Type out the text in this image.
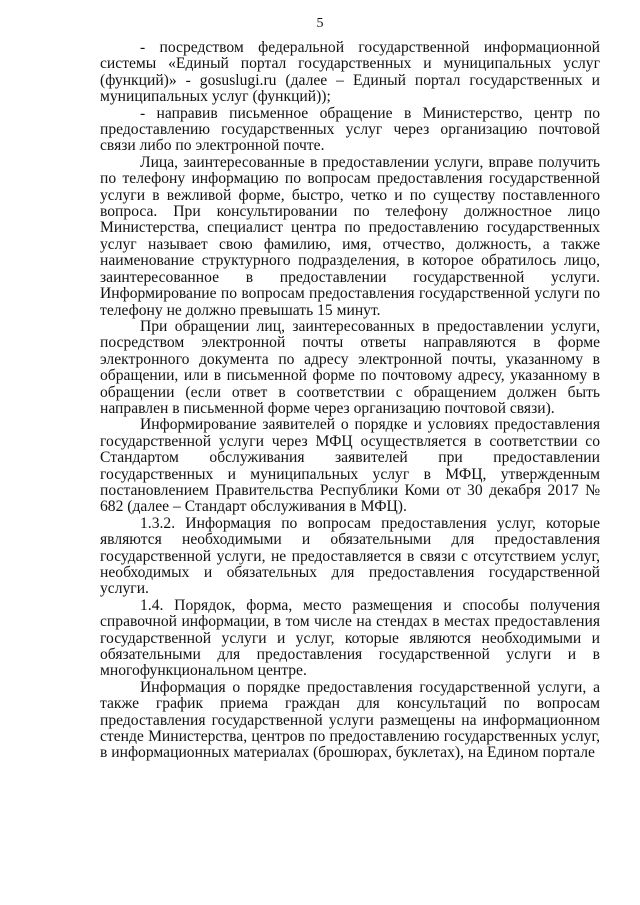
5

- посредством федеральной государственной информационной системы «Единый портал государственных и муниципальных услуг (функций)» - gosuslugi.ru (далее – Единый портал государственных и муниципальных услуг (функций));

- направив письменное обращение в Министерство, центр по предоставлению государственных услуг через организацию почтовой связи либо по электронной почте.

Лица, заинтересованные в предоставлении услуги, вправе получить по телефону информацию по вопросам предоставления государственной услуги в вежливой форме, быстро, четко и по существу поставленного вопроса. При консультировании по телефону должностное лицо Министерства, специалист центра по предоставлению государственных услуг называет свою фамилию, имя, отчество, должность, а также наименование структурного подразделения, в которое обратилось лицо, заинтересованное в предоставлении государственной услуги. Информирование по вопросам предоставления государственной услуги по телефону не должно превышать 15 минут.

При обращении лиц, заинтересованных в предоставлении услуги, посредством электронной почты ответы направляются в форме электронного документа по адресу электронной почты, указанному в обращении, или в письменной форме по почтовому адресу, указанному в обращении (если ответ в соответствии с обращением должен быть направлен в письменной форме через организацию почтовой связи).

Информирование заявителей о порядке и условиях предоставления государственной услуги через МФЦ осуществляется в соответствии со Стандартом обслуживания заявителей при предоставлении государственных и муниципальных услуг в МФЦ, утвержденным постановлением Правительства Республики Коми от 30 декабря 2017 № 682 (далее – Стандарт обслуживания в МФЦ).

1.3.2. Информация по вопросам предоставления услуг, которые являются необходимыми и обязательными для предоставления государственной услуги, не предоставляется в связи с отсутствием услуг, необходимых и обязательных для предоставления государственной услуги.

1.4. Порядок, форма, место размещения и способы получения справочной информации, в том числе на стендах в местах предоставления государственной услуги и услуг, которые являются необходимыми и обязательными для предоставления государственной услуги и в многофункциональном центре.

Информация о порядке предоставления государственной услуги, а также график приема граждан для консультаций по вопросам предоставления государственной услуги размещены на информационном стенде Министерства, центров по предоставлению государственных услуг, в информационных материалах (брошюрах, буклетах), на Едином портале
